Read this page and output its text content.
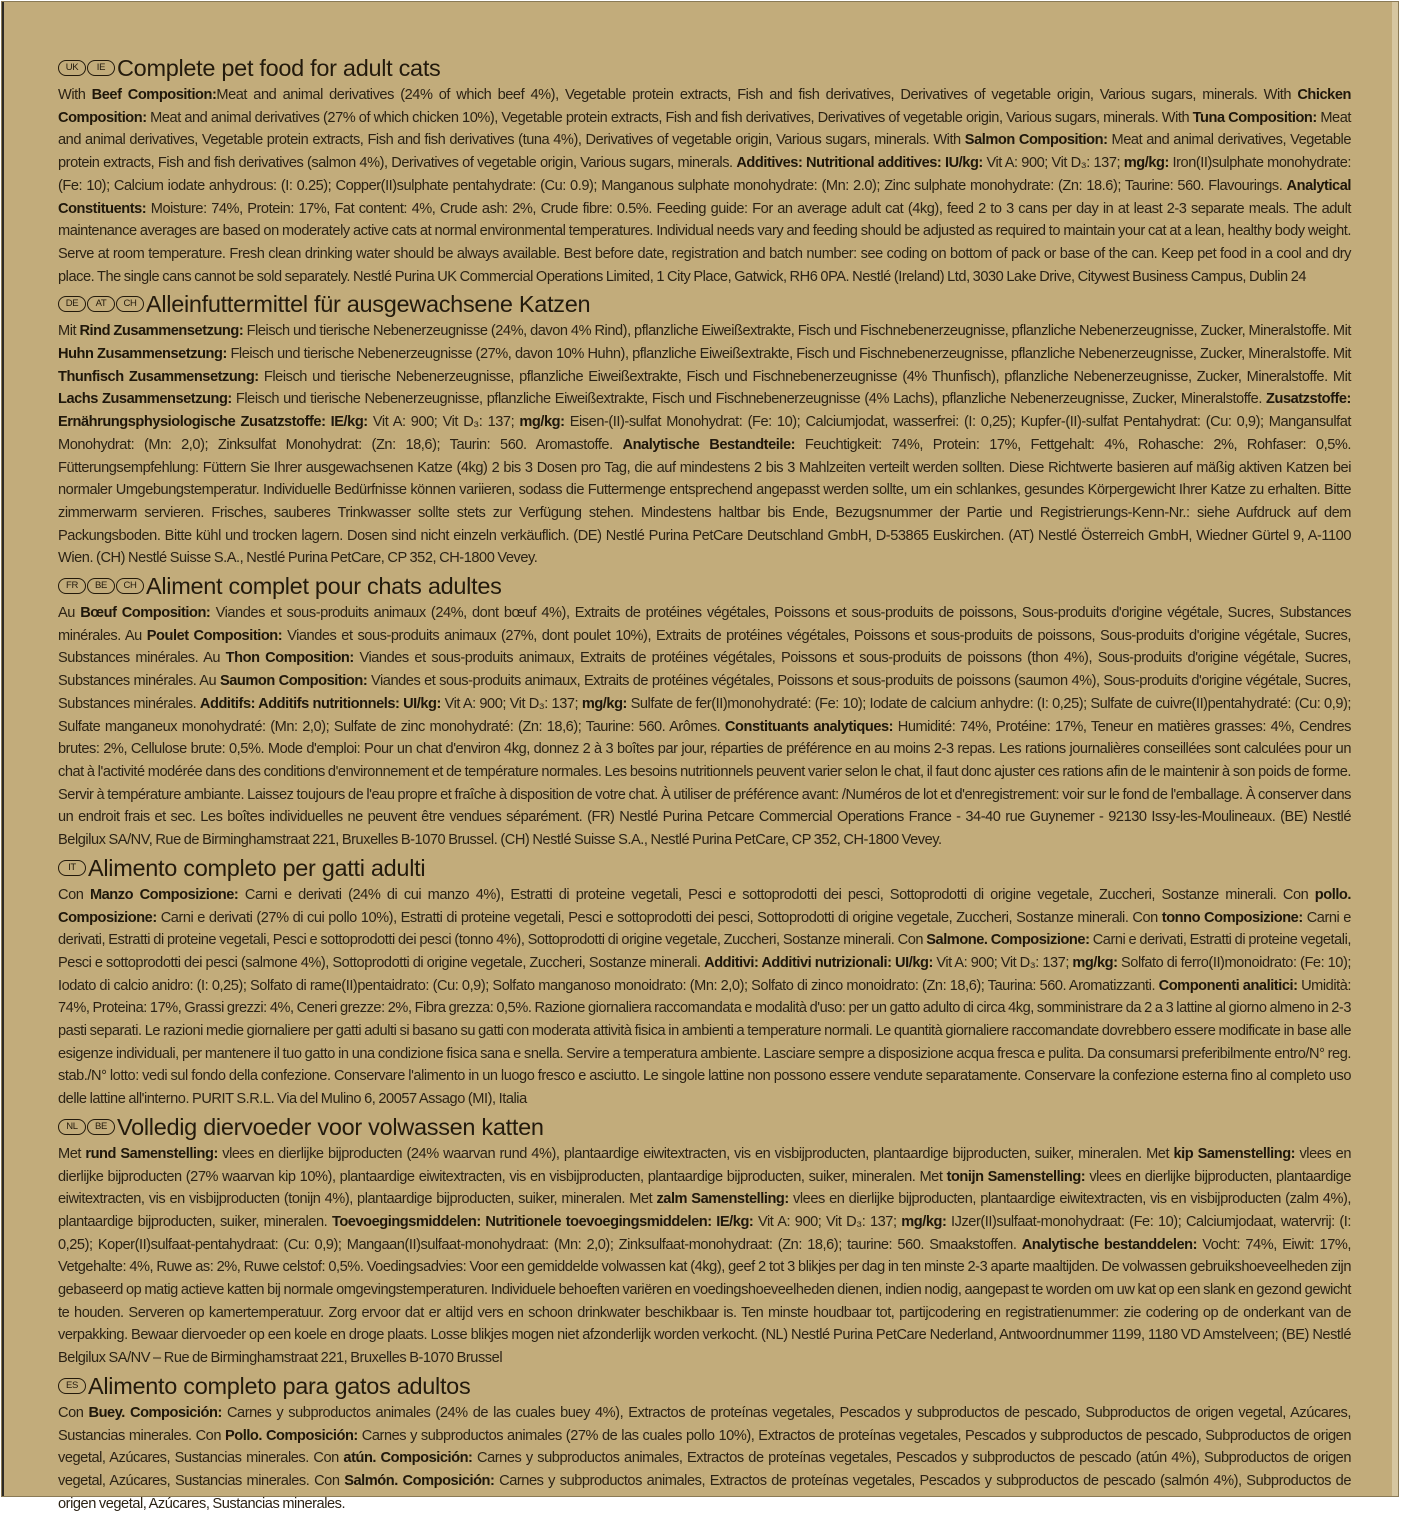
UK	IE Complete pet food for adult cats

With Beef Composition:Meat and animal derivatives (24% of which beef 4%), Vegetable protein extracts, Fish and fish derivatives, Derivatives of vegetable origin, Various sugars, minerals. With Chicken Composition: Meat and animal derivatives (27% of which chicken 10%), Vegetable protein extracts, Fish and fish derivatives, Derivatives of vegetable origin, Various sugars, minerals. With Tuna Composition: Meat and animal derivatives, Vegetable protein extracts, Fish and fish derivatives (tuna 4%), Derivatives of vegetable origin, Various sugars, minerals. With Salmon Composition: Meat and animal derivatives, Vegetable protein extracts, Fish and fish derivatives (salmon 4%), Derivatives of vegetable origin, Various sugars, minerals. Additives: Nutritional additives: IU/kg: Vit A: 900; Vit D₃: 137; mg/kg: Iron(II)sulphate monohydrate: (Fe: 10); Calcium iodate anhydrous: (I: 0.25); Copper(II)sulphate pentahydrate: (Cu: 0.9); Manganous sulphate monohydrate: (Mn: 2.0); Zinc sulphate monohydrate: (Zn: 18.6); Taurine: 560. Flavourings. Analytical Constituents: Moisture: 74%, Protein: 17%, Fat content: 4%, Crude ash: 2%, Crude fibre: 0.5%. Feeding guide: For an average adult cat (4kg), feed 2 to 3 cans per day in at least 2-3 separate meals. The adult maintenance averages are based on moderately active cats at normal environmental temperatures. Individual needs vary and feeding should be adjusted as required to maintain your cat at a lean, healthy body weight. Serve at room temperature. Fresh clean drinking water should be always available. Best before date, registration and batch number: see coding on bottom of pack or base of the can. Keep pet food in a cool and dry place. The single cans cannot be sold separately. Nestlé Purina UK Commercial Operations Limited, 1 City Place, Gatwick, RH6 0PA. Nestlé (Ireland) Ltd, 3030 Lake Drive, Citywest Business Campus, Dublin 24

DE	AT	CH Alleinfuttermittel für ausgewachsene Katzen

Mit Rind Zusammensetzung: Fleisch und tierische Nebenerzeugnisse (24%, davon 4% Rind), pflanzliche Eiweißextrakte, Fisch und Fischnebenerzeugnisse, pflanzliche Nebenerzeugnisse, Zucker, Mineralstoffe. Mit Huhn Zusammensetzung: Fleisch und tierische Nebenerzeugnisse (27%, davon 10% Huhn), pflanzliche Eiweißextrakte, Fisch und Fischnebenerzeugnisse, pflanzliche Nebenerzeugnisse, Zucker, Mineralstoffe. Mit Thunfisch Zusammensetzung: Fleisch und tierische Nebenerzeugnisse, pflanzliche Eiweißextrakte, Fisch und Fischnebenerzeugnisse (4% Thunfisch), pflanzliche Nebenerzeugnisse, Zucker, Mineralstoffe. Mit Lachs Zusammensetzung: Fleisch und tierische Nebenerzeugnisse, pflanzliche Eiweißextrakte, Fisch und Fischnebenerzeugnisse (4% Lachs), pflanzliche Nebenerzeugnisse, Zucker, Mineralstoffe. Zusatzstoffe: Ernährungsphysiologische Zusatzstoffe: IE/kg: Vit A: 900; Vit D₃: 137; mg/kg: Eisen-(II)-sulfat Monohydrat: (Fe: 10); Calciumjodat, wasserfrei: (I: 0,25); Kupfer-(II)-sulfat Pentahydrat: (Cu: 0,9); Mangansulfat Monohydrat: (Mn: 2,0); Zinksulfat Monohydrat: (Zn: 18,6); Taurin: 560. Aromastoffe. Analytische Bestandteile: Feuchtigkeit: 74%, Protein: 17%, Fettgehalt: 4%, Rohasche: 2%, Rohfaser: 0,5%. Fütterungsempfehlung: Füttern Sie Ihrer ausgewachsenen Katze (4kg) 2 bis 3 Dosen pro Tag, die auf mindestens 2 bis 3 Mahlzeiten verteilt werden sollten. Diese Richtwerte basieren auf mäßig aktiven Katzen bei normaler Umgebungstemperatur. Individuelle Bedürfnisse können variieren, sodass die Futtermenge entsprechend angepasst werden sollte, um ein schlankes, gesundes Körpergewicht Ihrer Katze zu erhalten. Bitte zimmerwarm servieren. Frisches, sauberes Trinkwasser sollte stets zur Verfügung stehen. Mindestens haltbar bis Ende, Bezugsnummer der Partie und Registrierungs-Kenn-Nr.: siehe Aufdruck auf dem Packungsboden. Bitte kühl und trocken lagern. Dosen sind nicht einzeln verkäuflich. (DE) Nestlé Purina PetCare Deutschland GmbH, D-53865 Euskirchen. (AT) Nestlé Österreich GmbH, Wiedner Gürtel 9, A-1100 Wien. (CH) Nestlé Suisse S.A., Nestlé Purina PetCare, CP 352, CH-1800 Vevey.

FR	BE	CH Aliment complet pour chats adultes

Au Bœuf Composition: Viandes et sous-produits animaux (24%, dont bœuf 4%), Extraits de protéines végétales, Poissons et sous-produits de poissons, Sous-produits d'origine végétale, Sucres, Substances minérales. Au Poulet Composition: Viandes et sous-produits animaux (27%, dont poulet 10%), Extraits de protéines végétales, Poissons et sous-produits de poissons, Sous-produits d'origine végétale, Sucres, Substances minérales. Au Thon Composition: Viandes et sous-produits animaux, Extraits de protéines végétales, Poissons et sous-produits de poissons (thon 4%), Sous-produits d'origine végétale, Sucres, Substances minérales. Au Saumon Composition: Viandes et sous-produits animaux, Extraits de protéines végétales, Poissons et sous-produits de poissons (saumon 4%), Sous-produits d'origine végétale, Sucres, Substances minérales. Additifs: Additifs nutritionnels: UI/kg: Vit A: 900; Vit D₃: 137; mg/kg: Sulfate de fer(II)monohydraté: (Fe: 10); Iodate de calcium anhydre: (I: 0,25); Sulfate de cuivre(II)pentahydraté: (Cu: 0,9); Sulfate manganeux monohydraté: (Mn: 2,0); Sulfate de zinc monohydraté: (Zn: 18,6); Taurine: 560. Arômes. Constituants analytiques: Humidité: 74%, Protéine: 17%, Teneur en matières grasses: 4%, Cendres brutes: 2%, Cellulose brute: 0,5%. Mode d'emploi: Pour un chat d'environ 4kg, donnez 2 à 3 boîtes par jour, réparties de préférence en au moins 2-3 repas. Les rations journalières conseillées sont calculées pour un chat à l'activité modérée dans des conditions d'environnement et de température normales. Les besoins nutritionnels peuvent varier selon le chat, il faut donc ajuster ces rations afin de le maintenir à son poids de forme. Servir à température ambiante. Laissez toujours de l'eau propre et fraîche à disposition de votre chat. À utiliser de préférence avant: /Numéros de lot et d'enregistrement: voir sur le fond de l'emballage. À conserver dans un endroit frais et sec. Les boîtes individuelles ne peuvent être vendues séparément. (FR) Nestlé Purina Petcare Commercial Operations France - 34-40 rue Guynemer - 92130 Issy-les-Moulineaux. (BE) Nestlé Belgilux SA/NV, Rue de Birminghamstraat 221, Bruxelles B-1070 Brussel. (CH) Nestlé Suisse S.A., Nestlé Purina PetCare, CP 352, CH-1800 Vevey.

IT Alimento completo per gatti adulti

Con Manzo Composizione: Carni e derivati (24% di cui manzo 4%), Estratti di proteine vegetali, Pesci e sottoprodotti dei pesci, Sottoprodotti di origine vegetale, Zuccheri, Sostanze minerali. Con pollo. Composizione: Carni e derivati (27% di cui pollo 10%), Estratti di proteine vegetali, Pesci e sottoprodotti dei pesci, Sottoprodotti di origine vegetale, Zuccheri, Sostanze minerali. Con tonno Composizione: Carni e derivati, Estratti di proteine vegetali, Pesci e sottoprodotti dei pesci (tonno 4%), Sottoprodotti di origine vegetale, Zuccheri, Sostanze minerali. Con Salmone. Composizione: Carni e derivati, Estratti di proteine vegetali, Pesci e sottoprodotti dei pesci (salmone 4%), Sottoprodotti di origine vegetale, Zuccheri, Sostanze minerali. Additivi: Additivi nutrizionali: UI/kg: Vit A: 900; Vit D₃: 137; mg/kg: Solfato di ferro(II)monoidrato: (Fe: 10); Iodato di calcio anidro: (I: 0,25); Solfato di rame(II)pentaidrato: (Cu: 0,9); Solfato manganoso monoidrato: (Mn: 2,0); Solfato di zinco monoidrato: (Zn: 18,6); Taurina: 560. Aromatizzanti. Componenti analitici: Umidità: 74%, Proteina: 17%, Grassi grezzi: 4%, Ceneri grezze: 2%, Fibra grezza: 0,5%. Razione giornaliera raccomandata e modalità d'uso: per un gatto adulto di circa 4kg, somministrare da 2 a 3 lattine al giorno almeno in 2-3 pasti separati. Le razioni medie giornaliere per gatti adulti si basano su gatti con moderata attività fisica in ambienti a temperature normali. Le quantità giornaliere raccomandate dovrebbero essere modificate in base alle esigenze individuali, per mantenere il tuo gatto in una condizione fisica sana e snella. Servire a temperatura ambiente. Lasciare sempre a disposizione acqua fresca e pulita. Da consumarsi preferibilmente entro/N° reg. stab./N° lotto: vedi sul fondo della confezione. Conservare l'alimento in un luogo fresco e asciutto. Le singole lattine non possono essere vendute separatamente. Conservare la confezione esterna fino al completo uso delle lattine all'interno. PURIT S.R.L. Via del Mulino 6, 20057 Assago (MI), Italia

NL	BE Volledig diervoeder voor volwassen katten

Met rund Samenstelling: vlees en dierlijke bijproducten (24% waarvan rund 4%), plantaardige eiwitextracten, vis en visbijproducten, plantaardige bijproducten, suiker, mineralen. Met kip Samenstelling: vlees en dierlijke bijproducten (27% waarvan kip 10%), plantaardige eiwitextracten, vis en visbijproducten, plantaardige bijproducten, suiker, mineralen. Met tonijn Samenstelling: vlees en dierlijke bijproducten, plantaardige eiwitextracten, vis en visbijproducten (tonijn 4%), plantaardige bijproducten, suiker, mineralen. Met zalm Samenstelling: vlees en dierlijke bijproducten, plantaardige eiwitextracten, vis en visbijproducten (zalm 4%), plantaardige bijproducten, suiker, mineralen. Toevoegingsmiddelen: Nutritionele toevoegingsmiddelen: IE/kg: Vit A: 900; Vit D₃: 137; mg/kg: IJzer(II)sulfaat-monohydraat: (Fe: 10); Calciumjodaat, watervrij: (I: 0,25); Koper(II)sulfaat-pentahydraat: (Cu: 0,9); Mangaan(II)sulfaat-monohydraat: (Mn: 2,0); Zinksulfaat-monohydraat: (Zn: 18,6); taurine: 560. Smaakstoffen. Analytische bestanddelen: Vocht: 74%, Eiwit: 17%, Vetgehalte: 4%, Ruwe as: 2%, Ruwe celstof: 0,5%. Voedingsadvies: Voor een gemiddelde volwassen kat (4kg), geef 2 tot 3 blikjes per dag in ten minste 2-3 aparte maaltijden. De volwassen gebruikshoeveelheden zijn gebaseerd op matig actieve katten bij normale omgevingstemperaturen. Individuele behoeften variëren en voedingshoeveelheden dienen, indien nodig, aangepast te worden om uw kat op een slank en gezond gewicht te houden. Serveren op kamertemperatuur. Zorg ervoor dat er altijd vers en schoon drinkwater beschikbaar is. Ten minste houdbaar tot, partijcodering en registratienummer: zie codering op de onderkant van de verpakking. Bewaar diervoeder op een koele en droge plaats. Losse blikjes mogen niet afzonderlijk worden verkocht. (NL) Nestlé Purina PetCare Nederland, Antwoordnummer 1199, 1180 VD Amstelveen; (BE) Nestlé Belgilux SA/NV – Rue de Birminghamstraat 221, Bruxelles B-1070 Brussel

ES Alimento completo para gatos adultos

Con Buey. Composición: Carnes y subproductos animales (24% de las cuales buey 4%), Extractos de proteínas vegetales, Pescados y subproductos de pescado, Subproductos de origen vegetal, Azúcares, Sustancias minerales. Con Pollo. Composición: Carnes y subproductos animales (27% de las cuales pollo 10%), Extractos de proteínas vegetales, Pescados y subproductos de pescado, Subproductos de origen vegetal, Azúcares, Sustancias minerales. Con atún. Composición: Carnes y subproductos animales, Extractos de proteínas vegetales, Pescados y subproductos de pescado (atún 4%), Subproductos de origen vegetal, Azúcares, Sustancias minerales. Con Salmón. Composición: Carnes y subproductos animales, Extractos de proteínas vegetales, Pescados y subproductos de pescado (salmón 4%), Subproductos de origen vegetal, Azúcares, Sustancias minerales.
